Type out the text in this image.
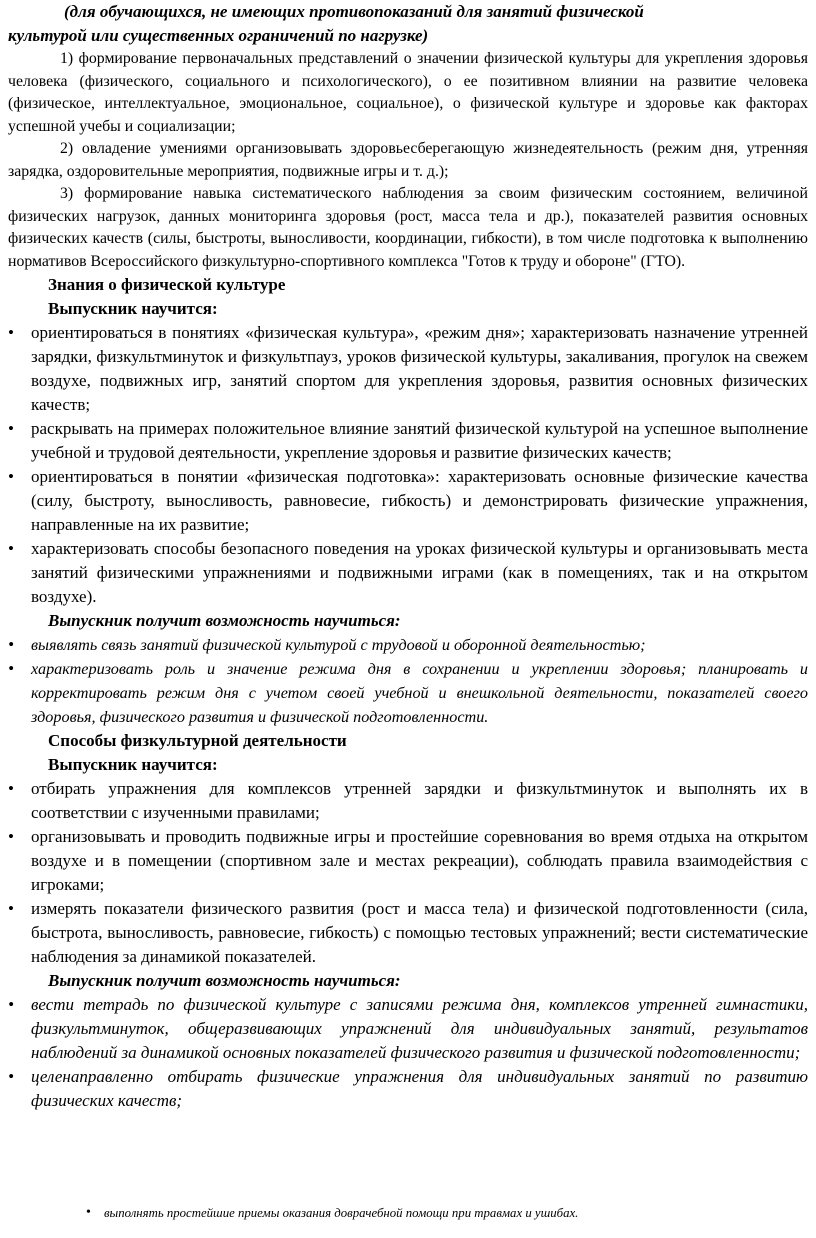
(для обучающихся, не имеющих противопоказаний для занятий физической
культурой или существенных ограничений по нагрузке)

1) формирование первоначальных представлений о значении физической культуры для укрепления здоровья человека (физического, социального и психологического), о ее позитивном влиянии на развитие человека (физическое, интеллектуальное, эмоциональное, социальное), о физической культуре и здоровье как факторах успешной учебы и социализации;

2) овладение умениями организовывать здоровьесберегающую жизнедеятельность (режим дня, утренняя зарядка, оздоровительные мероприятия, подвижные игры и т. д.);

3) формирование навыка систематического наблюдения за своим физическим состоянием, величиной физических нагрузок, данных мониторинга здоровья (рост, масса тела и др.), показателей развития основных физических качеств (силы, быстроты, выносливости, координации, гибкости), в том числе подготовка к выполнению нормативов Всероссийского физкультурно-спортивного комплекса "Готов к труду и обороне" (ГТО).

Знания о физической культуре
Выпускник научится:
• ориентироваться в понятиях «физическая культура», «режим дня»; характеризовать назначение утренней зарядки, физкультминуток и физкультпауз, уроков физической культуры, закаливания, прогулок на свежем воздухе, подвижных игр, занятий спортом для укрепления здоровья, развития основных физических качеств;
• раскрывать на примерах положительное влияние занятий физической культурой на успешное выполнение учебной и трудовой деятельности, укрепление здоровья и развитие физических качеств;
• ориентироваться в понятии «физическая подготовка»: характеризовать основные физические качества (силу, быстроту, выносливость, равновесие, гибкость) и демонстрировать физические упражнения, направленные на их развитие;
• характеризовать способы безопасного поведения на уроках физической культуры и организовывать места занятий физическими упражнениями и подвижными играми (как в помещениях, так и на открытом воздухе).
Выпускник получит возможность научиться:
• выявлять связь занятий физической культурой с трудовой и оборонной деятельностью;
• характеризовать роль и значение режима дня в сохранении и укреплении здоровья; планировать и корректировать режим дня с учетом своей учебной и внешкольной деятельности, показателей своего здоровья, физического развития и физической подготовленности.
Способы физкультурной деятельности
Выпускник научится:
• отбирать упражнения для комплексов утренней зарядки и физкультминуток и выполнять их в соответствии с изученными правилами;
• организовывать и проводить подвижные игры и простейшие соревнования во время отдыха на открытом воздухе и в помещении (спортивном зале и местах рекреации), соблюдать правила взаимодействия с игроками;
• измерять показатели физического развития (рост и масса тела) и физической подготовленности (сила, быстрота, выносливость, равновесие, гибкость) с помощью тестовых упражнений; вести систематические наблюдения за динамикой показателей.
Выпускник получит возможность научиться:
• вести тетрадь по физической культуре с записями режима дня, комплексов утренней гимнастики, физкультминуток, общеразвивающих упражнений для индивидуальных занятий, результатов наблюдений за динамикой основных показателей физического развития и физической подготовленности;
• целенаправленно отбирать физические упражнения для индивидуальных занятий по развитию физических качеств;
• выполнять простейшие приемы оказания доврачебной помощи при травмах и ушибах.
